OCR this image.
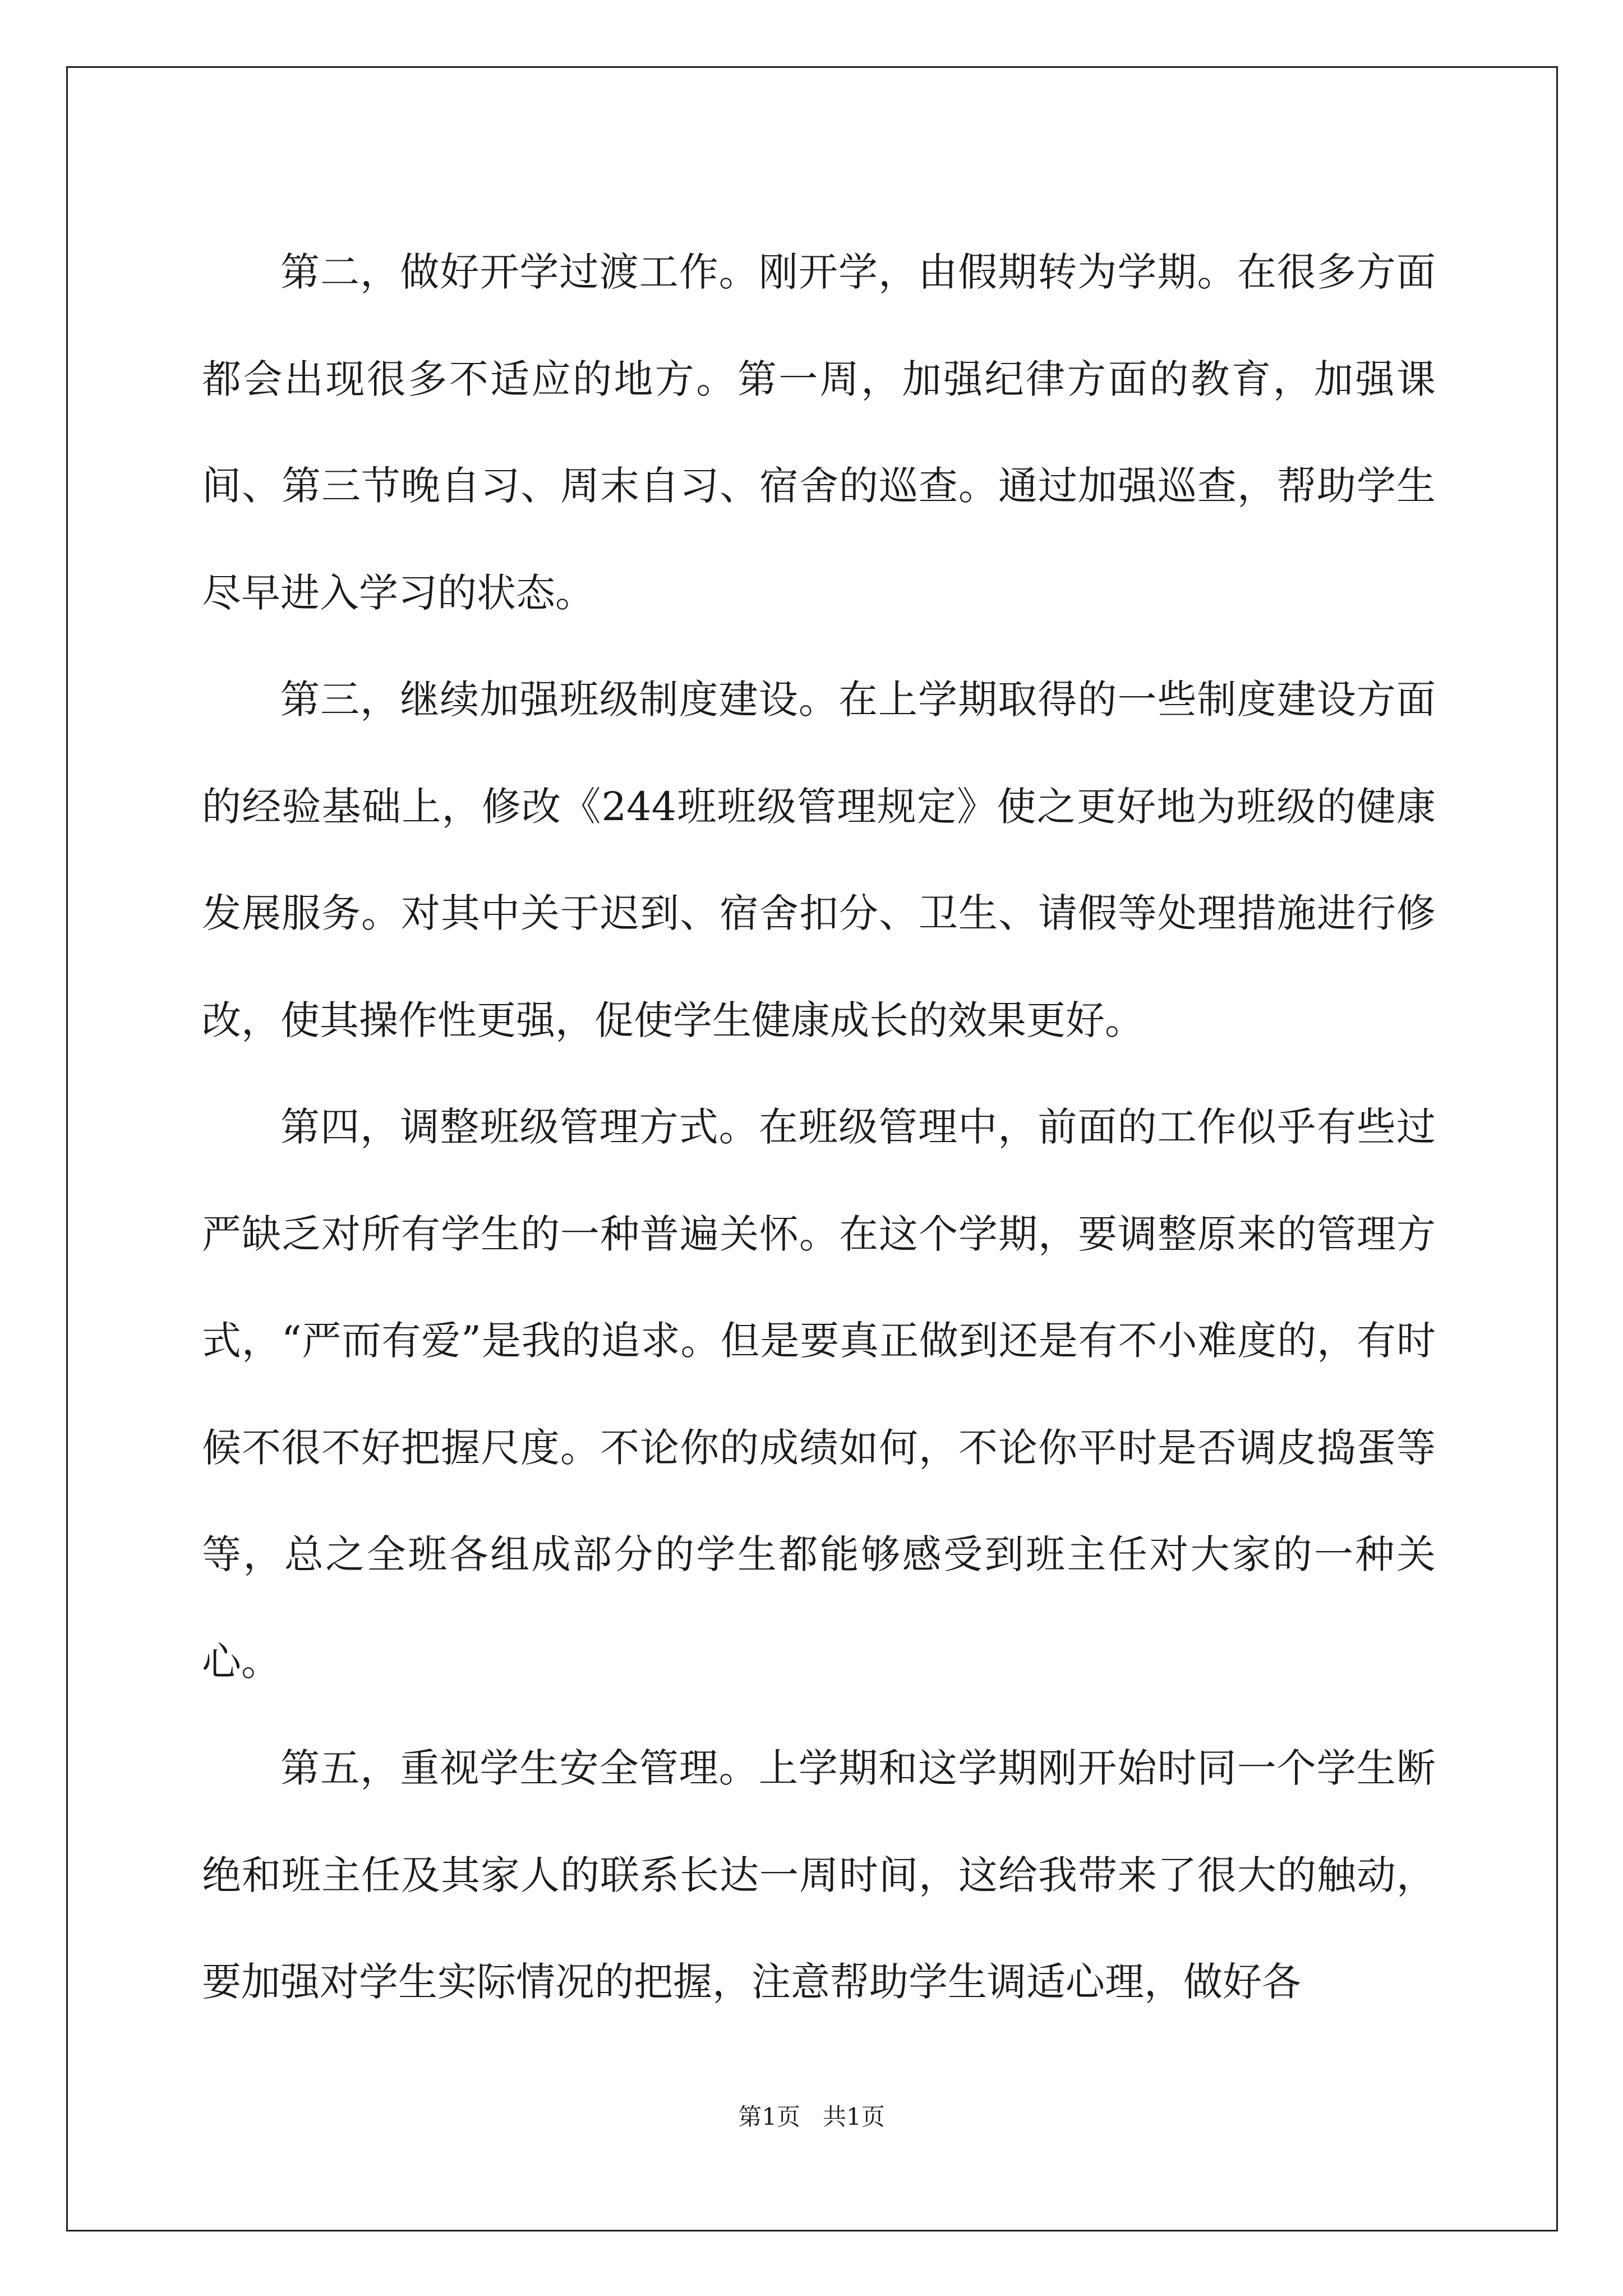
第二，做好开学过渡工作。刚开学，由假期转为学期。在很多方面都会出现很多不适应的地方。第一周，加强纪律方面的教育，加强课间、第三节晚自习、周末自习、宿舍的巡查。通过加强巡查，帮助学生尽早进入学习的状态。

第三，继续加强班级制度建设。在上学期取得的一些制度建设方面的经验基础上，修改《244班班级管理规定》使之更好地为班级的健康发展服务。对其中关于迟到、宿舍扣分、卫生、请假等处理措施进行修改，使其操作性更强，促使学生健康成长的效果更好。

第四，调整班级管理方式。在班级管理中，前面的工作似乎有些过严缺乏对所有学生的一种普遍关怀。在这个学期，要调整原来的管理方式，“严而有爱”是我的追求。但是要真正做到还是有不小难度的，有时候不很不好把握尺度。不论你的成绩如何，不论你平时是否调皮捣蛋等等，总之全班各组成部分的学生都能够感受到班主任对大家的一种关心。

第五，重视学生安全管理。上学期和这学期刚开始时同一个学生断绝和班主任及其家人的联系长达一周时间，这给我带来了很大的触动，要加强对学生实际情况的把握，注意帮助学生调适心理，做好各

第1页   共1页
